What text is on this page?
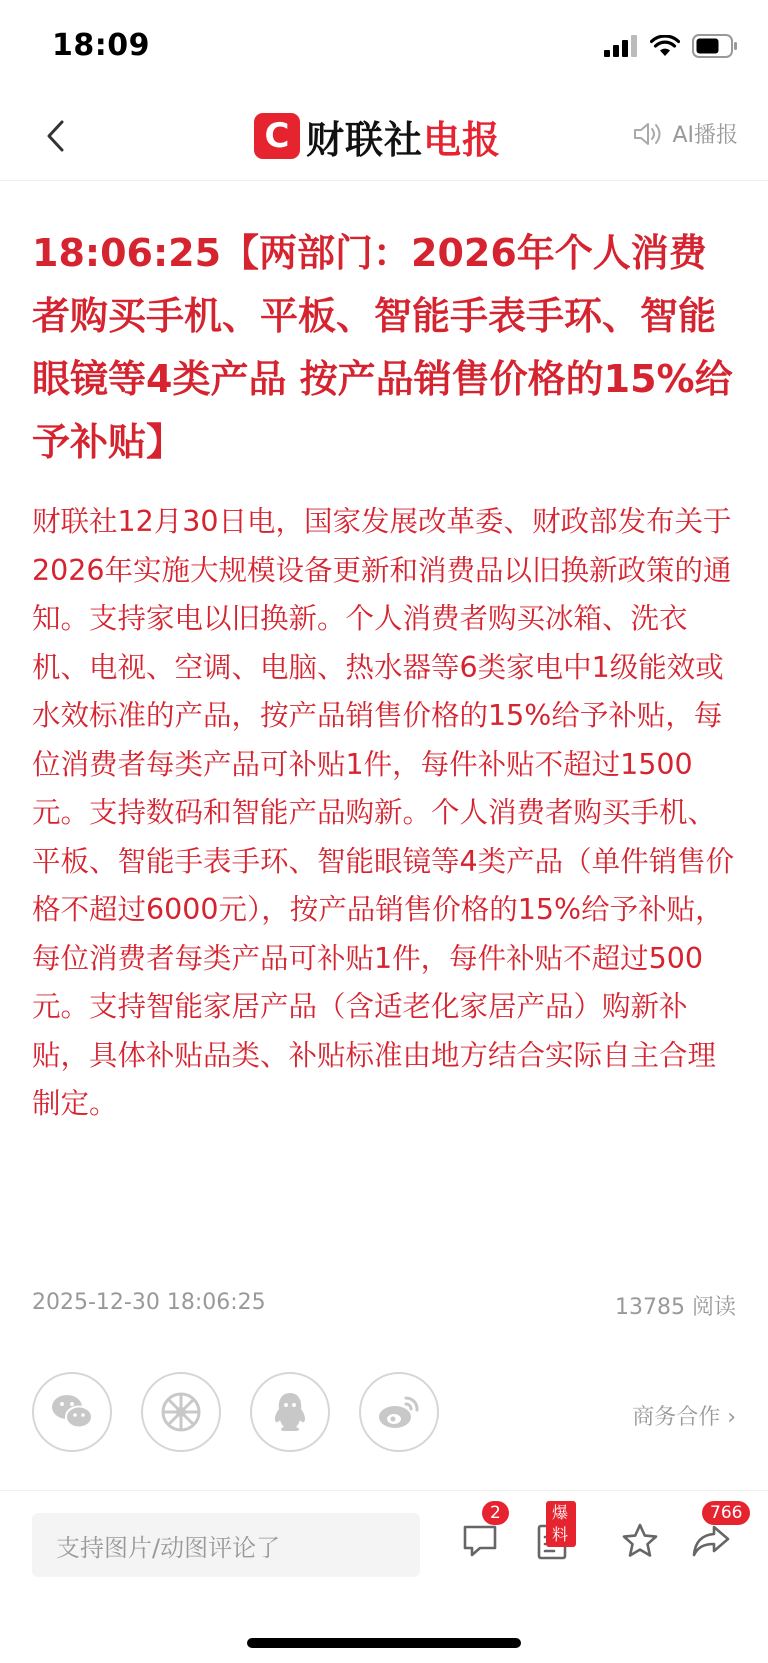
18:09
C 财联社电报	AI播报
18:06:25【两部门：2026年个人消费者购买手机、平板、智能手表手环、智能眼镜等4类产品 按产品销售价格的15%给予补贴】

财联社12月30日电，国家发展改革委、财政部发布关于2026年实施大规模设备更新和消费品以旧换新政策的通知。支持家电以旧换新。个人消费者购买冰箱、洗衣机、电视、空调、电脑、热水器等6类家电中1级能效或水效标准的产品，按产品销售价格的15%给予补贴，每位消费者每类产品可补贴1件，每件补贴不超过1500元。支持数码和智能产品购新。个人消费者购买手机、平板、智能手表手环、智能眼镜等4类产品（单件销售价格不超过6000元），按产品销售价格的15%给予补贴，每位消费者每类产品可补贴1件，每件补贴不超过500元。支持智能家居产品（含适老化家居产品）购新补贴，具体补贴品类、补贴标准由地方结合实际自主合理制定。

2025-12-30 18:06:25	13785 阅读
商务合作 ›
支持图片/动图评论了
2	爆料
766
